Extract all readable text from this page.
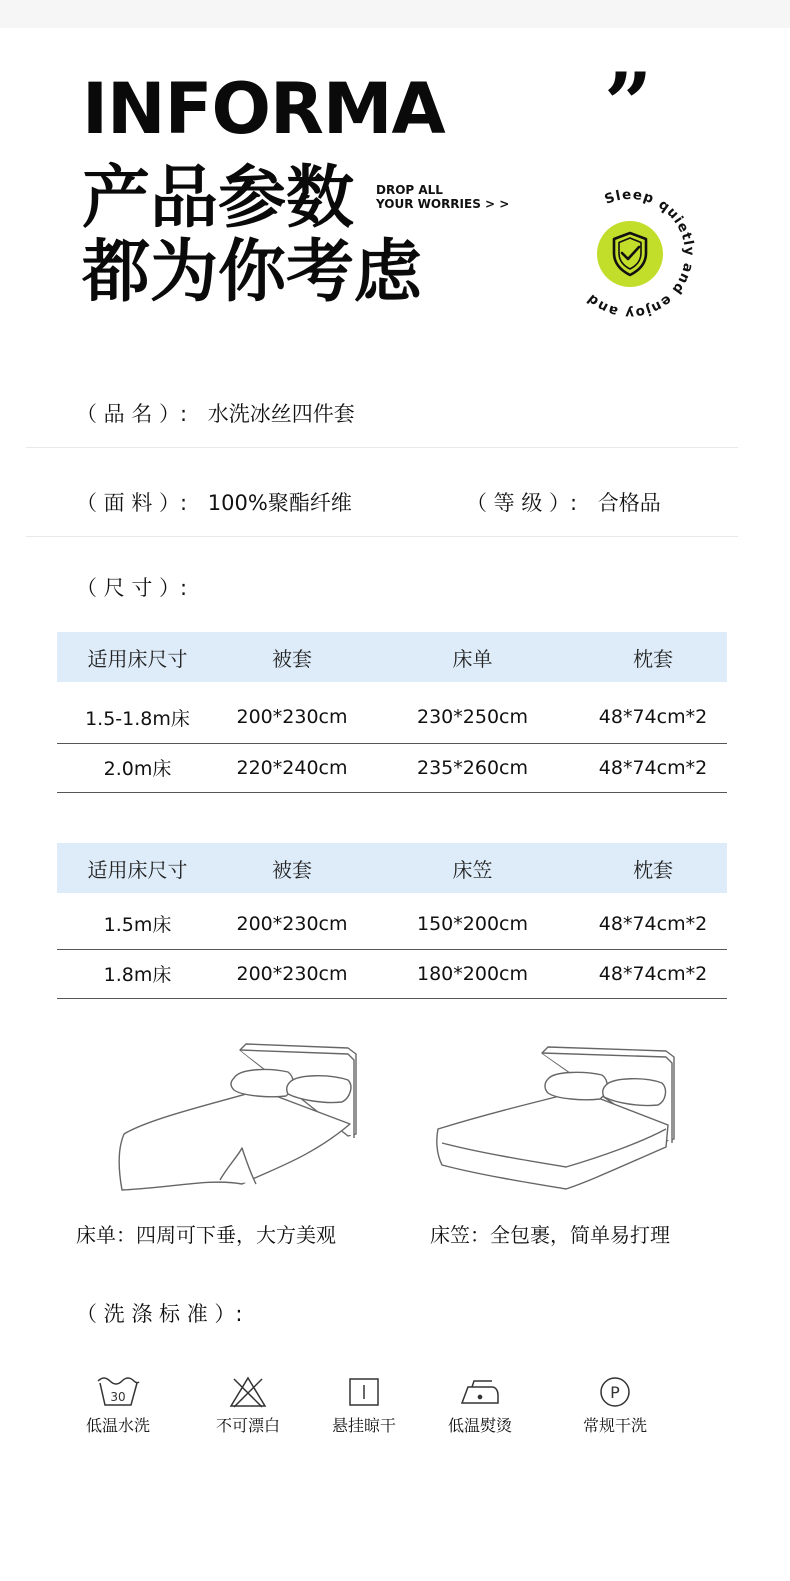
INFORMA ”
产品参数
都为你考虑
DROP ALL
YOUR WORRIES > >	Sleep quietly and enjoy and
（ 品 名 ）: 水洗冰丝四件套
（ 面 料 ）: 100%聚酯纤维	（ 等 级 ）: 合格品
（ 尺 寸 ）:
适用床尺寸	被套	床单	枕套
1.5-1.8m床	200*230cm	230*250cm	48*74cm*2
2.0m床	220*240cm	235*260cm	48*74cm*2
适用床尺寸	被套	床笠	枕套
1.5m床	200*230cm	150*200cm	48*74cm*2
1.8m床	200*230cm	180*200cm	48*74cm*2
床单：四周可下垂，大方美观	床笠：全包裹，简单易打理
（ 洗 涤 标 准 ）:
30
低温水洗	不可漂白	悬挂晾干	低温熨烫
P
常规干洗
